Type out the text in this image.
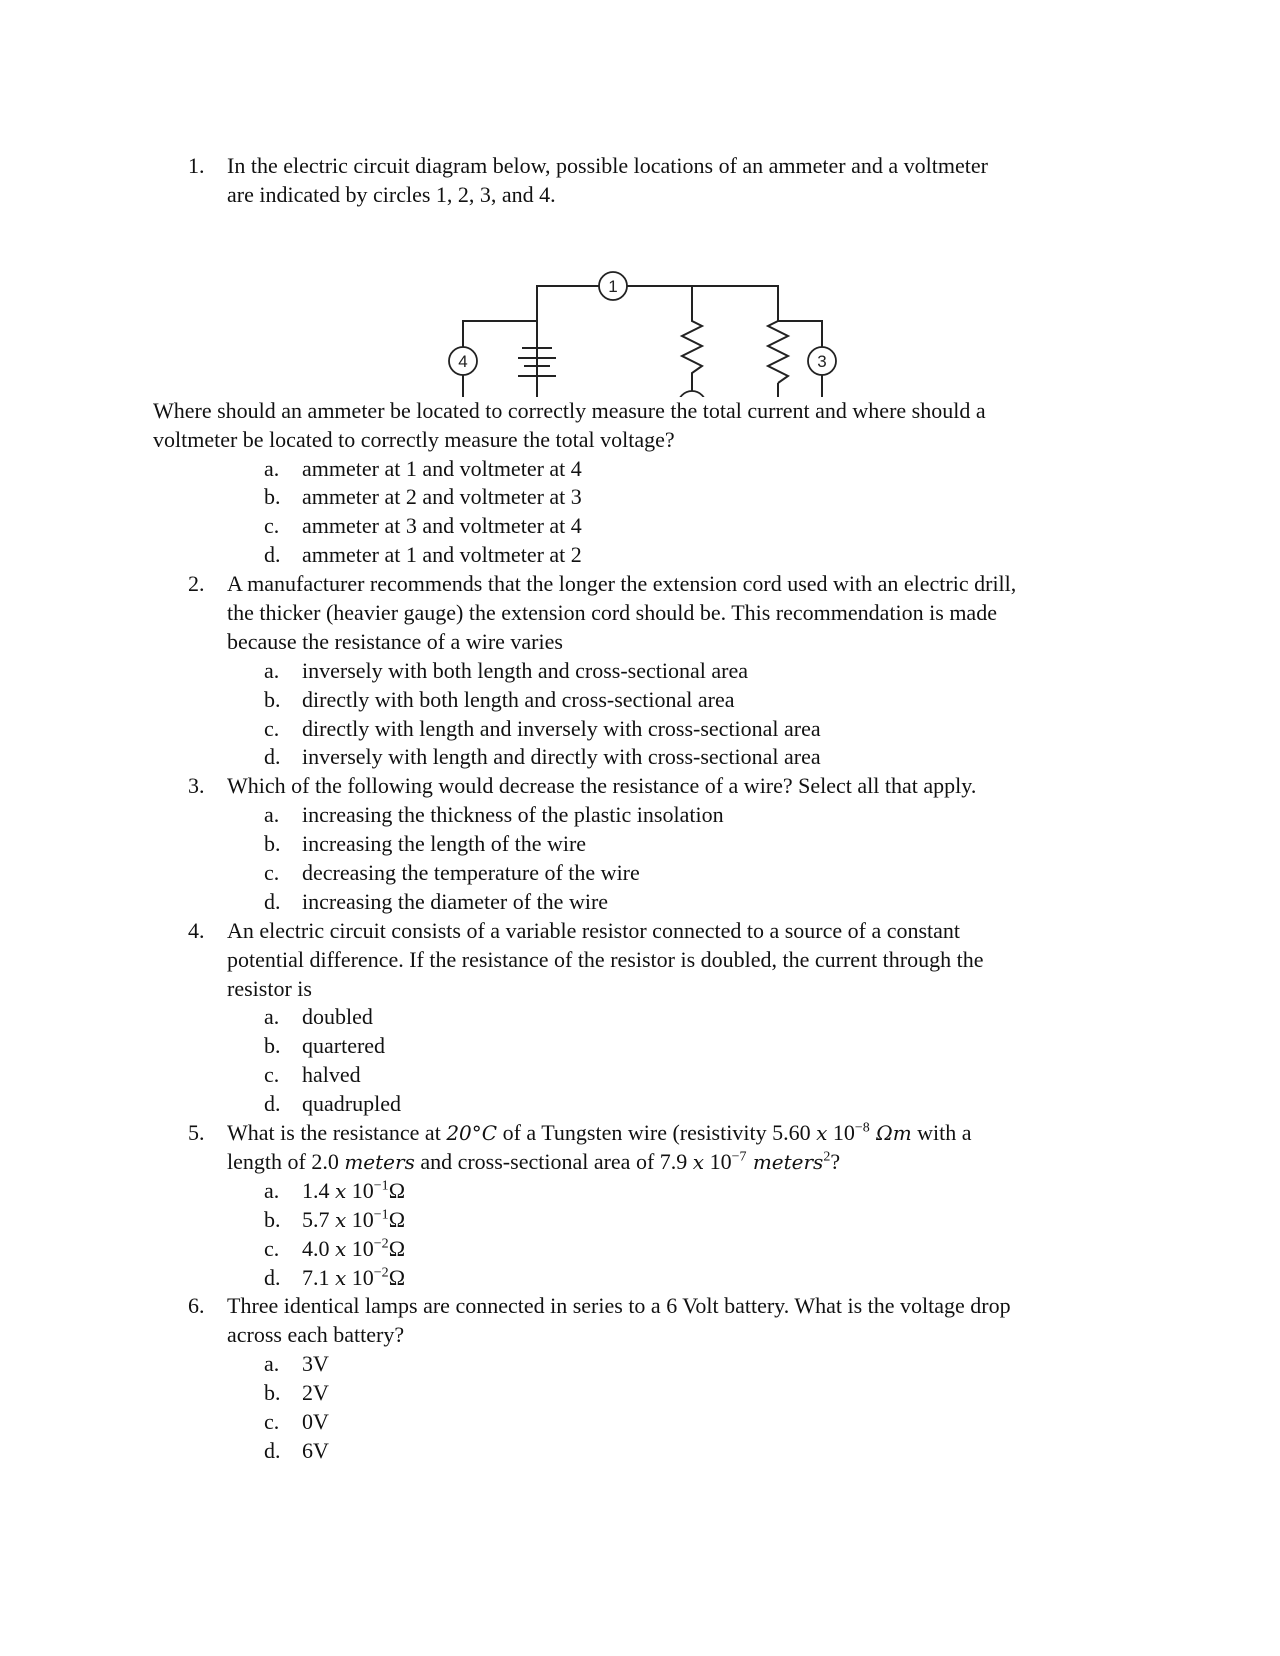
1. In the electric circuit diagram below, possible locations of an ammeter and a voltmeter
are indicated by circles 1, 2, 3, and 4.
1
3
4
Where should an ammeter be located to correctly measure the total current and where should a
voltmeter be located to correctly measure the total voltage?
a. ammeter at 1 and voltmeter at 4
b. ammeter at 2 and voltmeter at 3
c. ammeter at 3 and voltmeter at 4
d. ammeter at 1 and voltmeter at 2
2. A manufacturer recommends that the longer the extension cord used with an electric drill,
the thicker (heavier gauge) the extension cord should be. This recommendation is made
because the resistance of a wire varies
a. inversely with both length and cross-sectional area
b. directly with both length and cross-sectional area
c. directly with length and inversely with cross-sectional area
d. inversely with length and directly with cross-sectional area
3. Which of the following would decrease the resistance of a wire? Select all that apply.
a. increasing the thickness of the plastic insolation
b. increasing the length of the wire
c. decreasing the temperature of the wire
d. increasing the diameter of the wire
4. An electric circuit consists of a variable resistor connected to a source of a constant
potential difference. If the resistance of the resistor is doubled, the current through the
resistor is
a. doubled
b. quartered
c. halved
d. quadrupled
5. What is the resistance at 20°C of a Tungsten wire (resistivity 5.60 x $10^{-8}$ Ωm with a
length of 2.0 meters and cross-sectional area of 7.9 x $10^{-7}$ meters$^2$?
a. 1.4 x $10^{-1}\Omega$
b. 5.7 x $10^{-1}\Omega$
c. 4.0 x $10^{-2}\Omega$
d. 7.1 x $10^{-2}\Omega$
6. Three identical lamps are connected in series to a 6 Volt battery. What is the voltage drop
across each battery?
a. 3V
b. 2V
c. 0V
d. 6V
